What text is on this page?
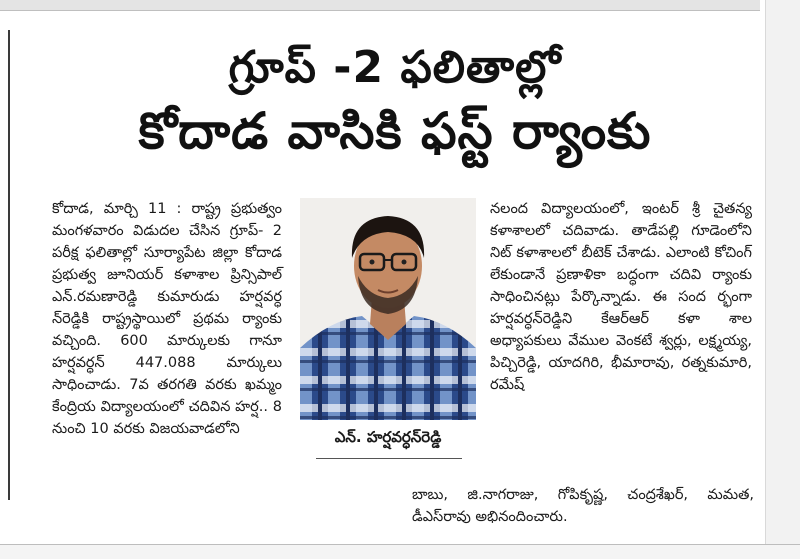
గ్రూప్ -2 ఫలితాల్లో
కోదాడ వాసికి ఫస్ట్ ర్యాంకు

కోదాడ, మార్చి 11 : రాష్ట్ర ప్రభుత్వం మంగళవారం విడుదల చేసిన గ్రూప్- 2 పరీక్ష ఫలితాల్లో సూర్యాపేట జిల్లా కోదాడ ప్రభుత్వ జూనియర్ కళాశాల ప్రిన్సిపాల్ ఎన్.రమణారెడ్డి కుమారుడు హర్షవర్ధ న్‌రెడ్డికి రాష్ట్రస్థాయిలో ప్రథమ ర్యాంకు వచ్చింది. 600 మార్కులకు గానూ హర్షవర్ధన్ 447.088 మార్కులు సాధించాడు. 7వ తరగతి వరకు ఖమ్మం కేంద్రియ విద్యాలయంలో చదివిన హర్ష.. 8 నుంచి 10 వరకు విజయవాడలోని	ఎన్. హర్షవర్ధన్‌రెడ్డి

నలంద విద్యాలయంలో, ఇంటర్ శ్రీ చైతన్య కళాశాలలో చదివాడు. తాడేపల్లి గూడెంలోని నిట్ కళాశాలలో బీటెక్ చేశాడు. ఎలాంటి కోచింగ్ లేకుండానే ప్రణాళికా బద్ధంగా చదివి ర్యాంకు సాధించినట్లు పేర్కొన్నాడు. ఈ సంద ర్భంగా హర్షవర్ధన్‌రెడ్డిని కేఆర్ఆర్ కళా శాల అధ్యాపకులు వేముల వెంకటే శ్వర్లు, లక్ష్మయ్య, పిచ్చిరెడ్డి, యాదగిరి, భీమారావు, రత్నకుమారి, రమేష్

బాబు, జి.నాగరాజు, గోపికృష్ణ, చంద్రశేఖర్, మమత, డీఎస్‌రావు అభినందించారు.
